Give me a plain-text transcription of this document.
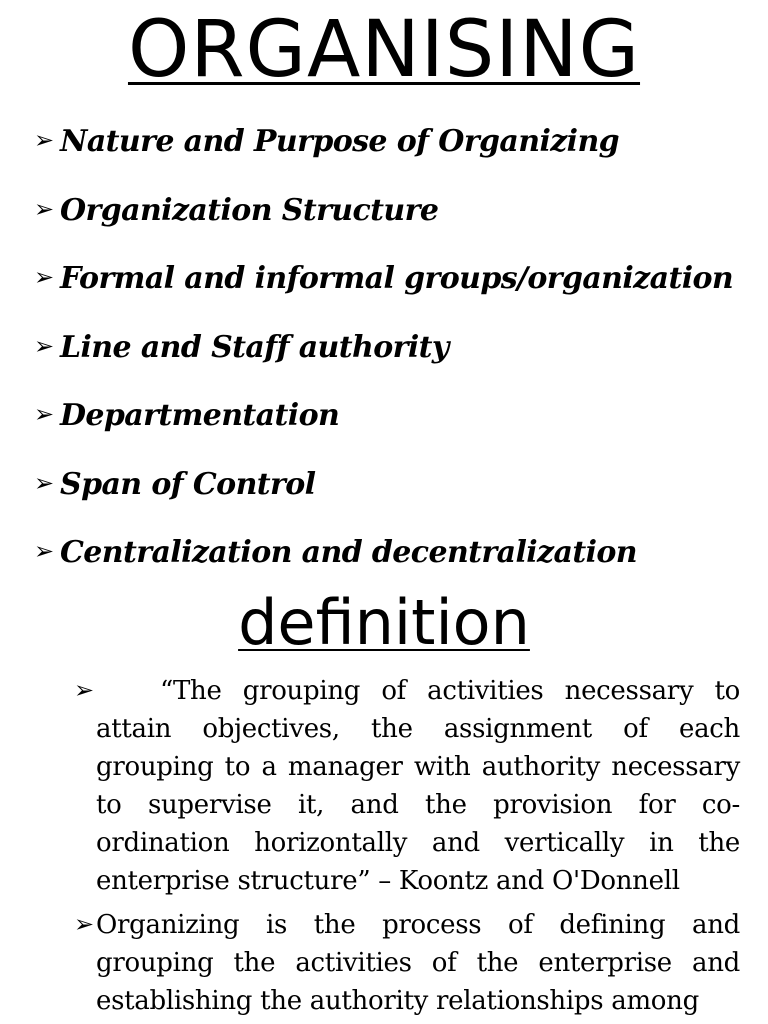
ORGANISING
➢ Nature and Purpose of Organizing
➢ Organization Structure
➢ Formal and informal groups/organization
➢ Line and Staff authority
➢ Departmentation
➢ Span of Control
➢ Centralization and decentralization
definition
➢	“The grouping of activities necessary to attain objectives, the assignment of each grouping to a manager with authority necessary to supervise it, and the provision for co- ordination horizontally and vertically in the enterprise structure” – Koontz and O'Donnell
➢ Organizing is the process of defining and grouping the activities of the enterprise and establishing the authority relationships among
